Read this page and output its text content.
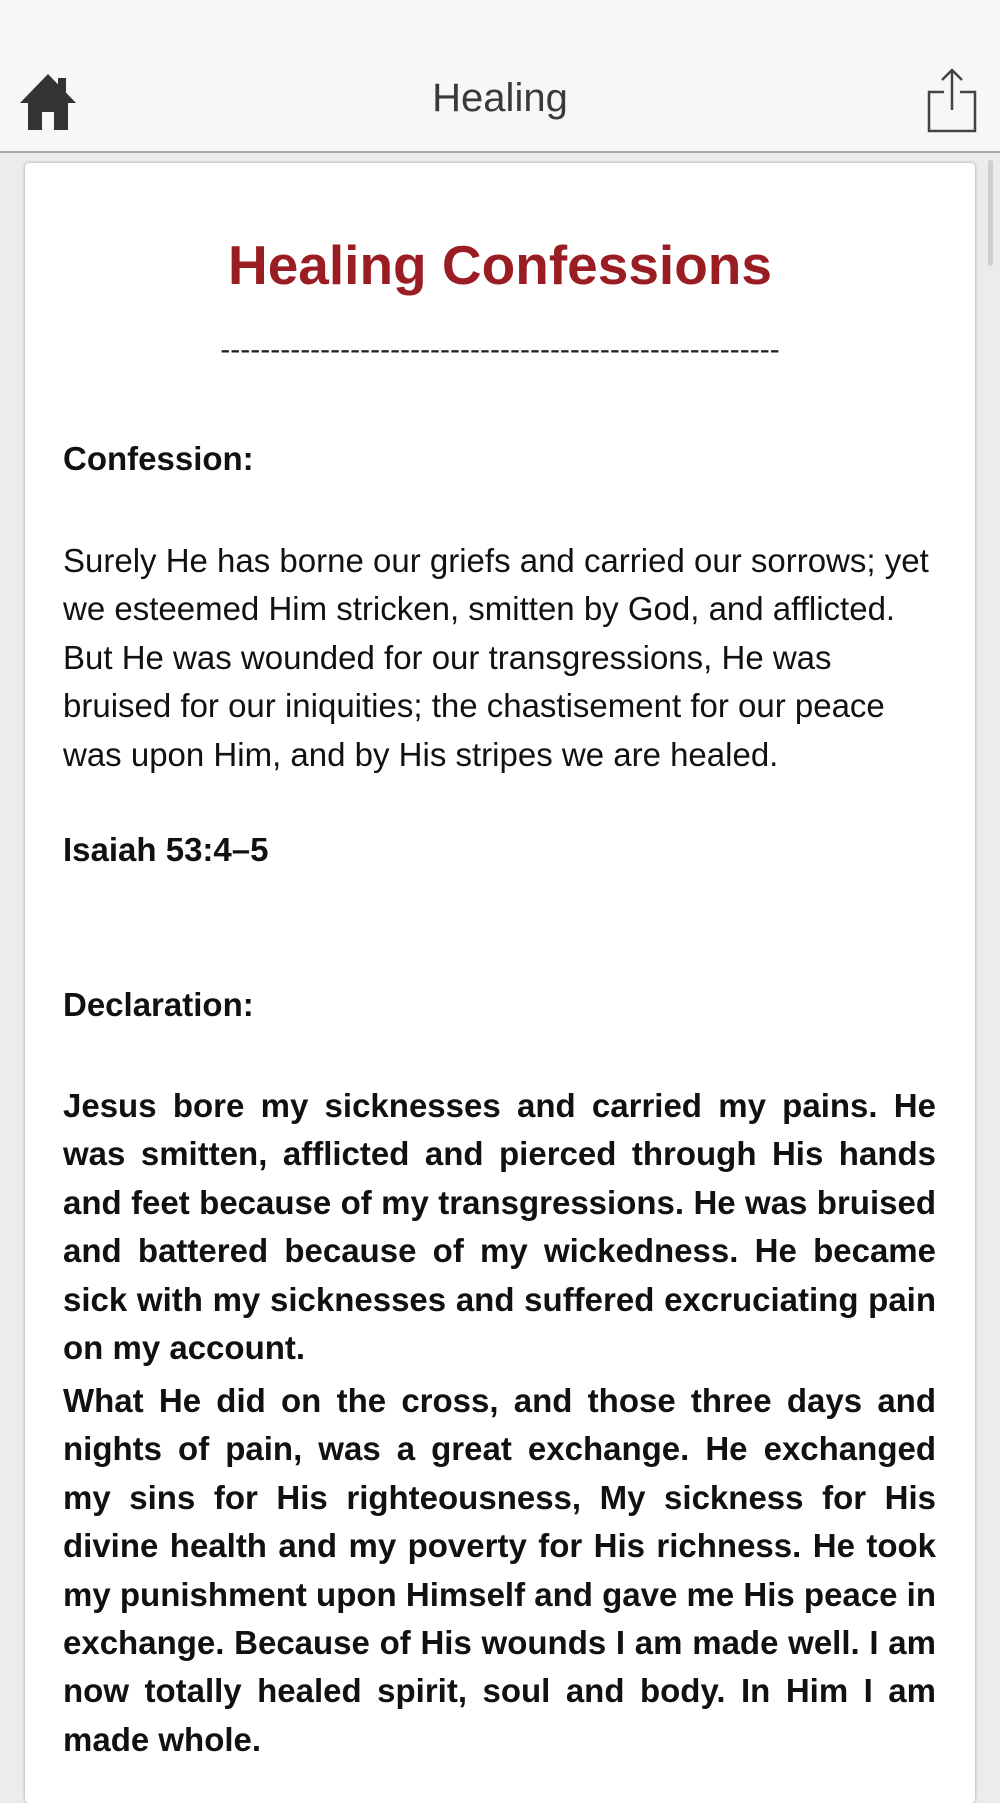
Healing
Healing Confessions
--------------------------------------------------------
Confession:
Surely He has borne our griefs and carried our sorrows; yet we esteemed Him stricken, smitten by God, and afflicted. But He was wounded for our transgressions, He was bruised for our iniquities; the chastisement for our peace was upon Him, and by His stripes we are healed.
Isaiah 53:4–5
Declaration:
Jesus bore my sicknesses and carried my pains. He was smitten, afflicted and pierced through His hands and feet because of my transgressions. He was bruised and battered because of my wickedness. He became sick with my sicknesses and suffered excruciating pain on my account.
What He did on the cross, and those three days and nights of pain, was a great exchange. He exchanged my sins for His righteousness, My sickness for His divine health and my poverty for His richness. He took my punishment upon Himself and gave me His peace in exchange. Because of His wounds I am made well. I am now totally healed spirit, soul and body. In Him I am made whole.
